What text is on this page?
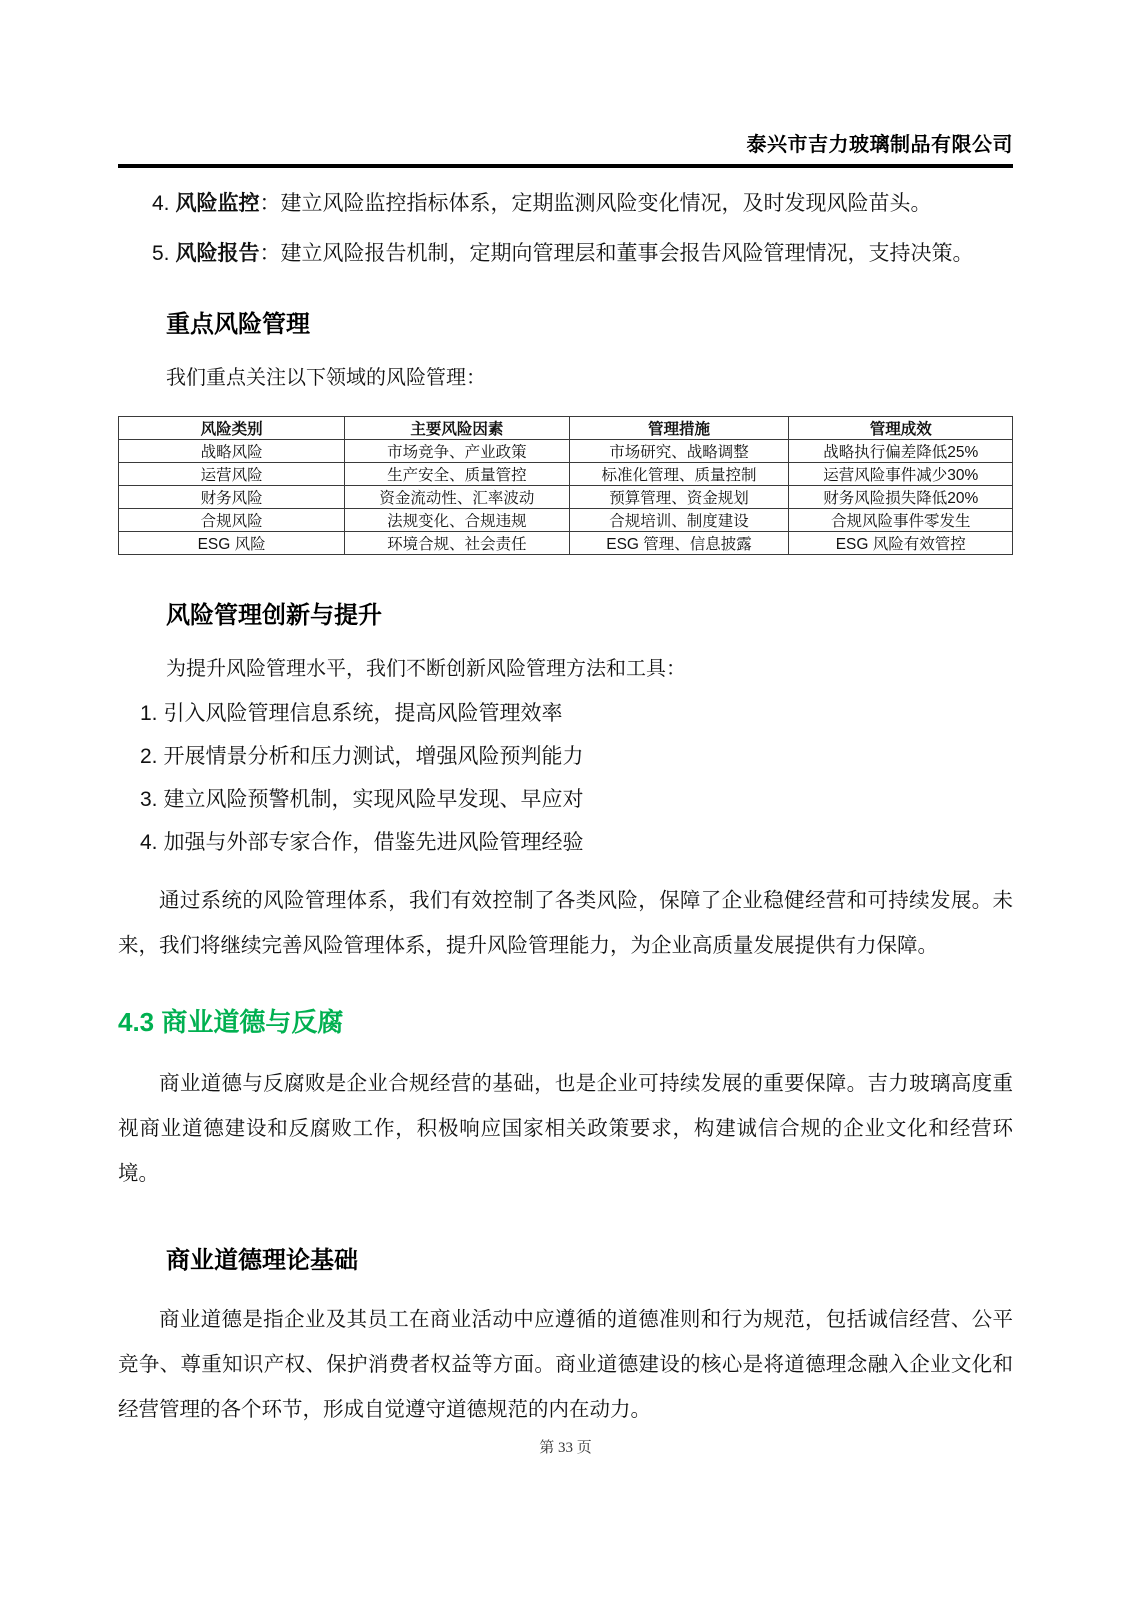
泰兴市吉力玻璃制品有限公司
4. 风险监控：建立风险监控指标体系，定期监测风险变化情况，及时发现风险苗头。
5. 风险报告：建立风险报告机制，定期向管理层和董事会报告风险管理情况，支持决策。
重点风险管理
我们重点关注以下领域的风险管理：
风险类别	主要风险因素	管理措施	管理成效
战略风险	市场竞争、产业政策	市场研究、战略调整	战略执行偏差降低25%
运营风险	生产安全、质量管控	标准化管理、质量控制	运营风险事件减少30%
财务风险	资金流动性、汇率波动	预算管理、资金规划	财务风险损失降低20%
合规风险	法规变化、合规违规	合规培训、制度建设	合规风险事件零发生
ESG 风险	环境合规、社会责任	ESG 管理、信息披露	ESG 风险有效管控
风险管理创新与提升
为提升风险管理水平，我们不断创新风险管理方法和工具：
1. 引入风险管理信息系统，提高风险管理效率
2. 开展情景分析和压力测试，增强风险预判能力
3. 建立风险预警机制，实现风险早发现、早应对
4. 加强与外部专家合作，借鉴先进风险管理经验

通过系统的风险管理体系，我们有效控制了各类风险，保障了企业稳健经营和可持续发展。未来，我们将继续完善风险管理体系，提升风险管理能力，为企业高质量发展提供有力保障。

4.3 商业道德与反腐

商业道德与反腐败是企业合规经营的基础，也是企业可持续发展的重要保障。吉力玻璃高度重视商业道德建设和反腐败工作，积极响应国家相关政策要求，构建诚信合规的企业文化和经营环境。

商业道德理论基础

商业道德是指企业及其员工在商业活动中应遵循的道德准则和行为规范，包括诚信经营、公平竞争、尊重知识产权、保护消费者权益等方面。商业道德建设的核心是将道德理念融入企业文化和经营管理的各个环节，形成自觉遵守道德规范的内在动力。

第 33 页
